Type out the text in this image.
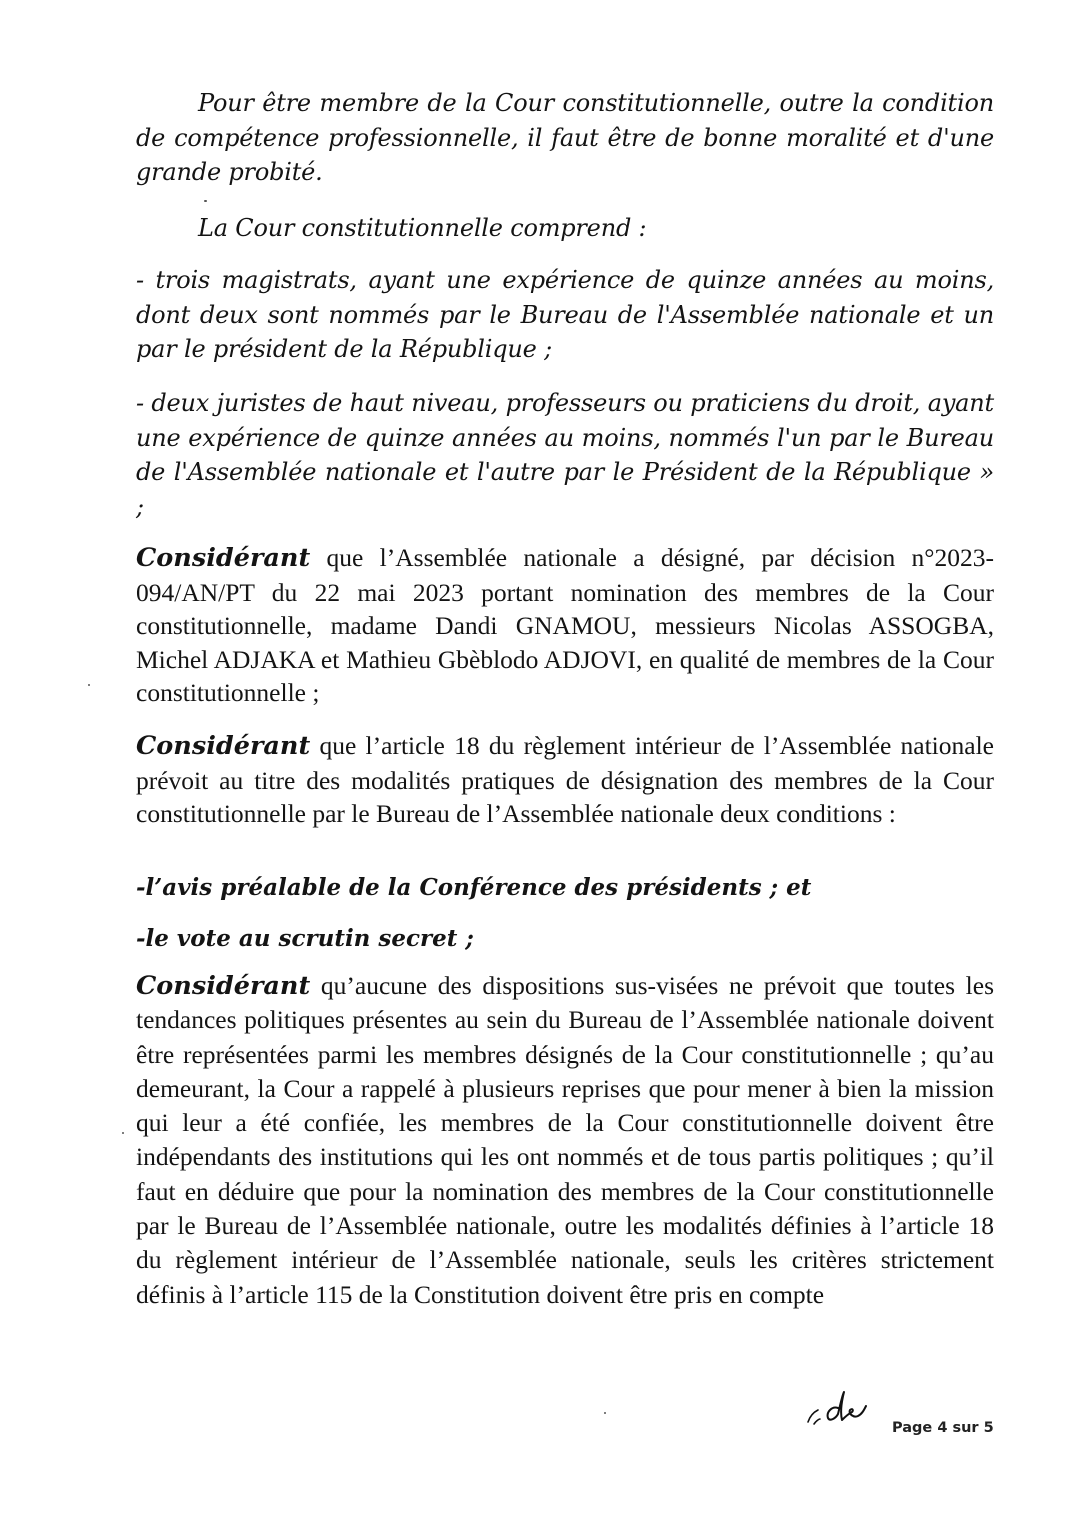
Pour être membre de la Cour constitutionnelle, outre la condition de compétence professionnelle, il faut être de bonne moralité et d'une grande probité.

La Cour constitutionnelle comprend :

- trois magistrats, ayant une expérience de quinze années au moins, dont deux sont nommés par le Bureau de l'Assemblée nationale et un par le président de la République ;

- deux juristes de haut niveau, professeurs ou praticiens du droit, ayant une expérience de quinze années au moins, nommés l'un par le Bureau de l'Assemblée nationale et l'autre par le Président de la République » ;

Considérant que l’Assemblée nationale a désigné, par décision n°2023-094/AN/PT du 22 mai 2023 portant nomination des membres de la Cour constitutionnelle, madame Dandi GNAMOU, messieurs Nicolas ASSOGBA, Michel ADJAKA et Mathieu Gbèblodo ADJOVI, en qualité de membres de la Cour constitutionnelle ;

Considérant que l’article 18 du règlement intérieur de l’Assemblée nationale prévoit au titre des modalités pratiques de désignation des membres de la Cour constitutionnelle par le Bureau de l’Assemblée nationale deux conditions :

-l’avis préalable de la Conférence des présidents ; et

-le vote au scrutin secret ;

Considérant qu’aucune des dispositions sus-visées ne prévoit que toutes les tendances politiques présentes au sein du Bureau de l’Assemblée nationale doivent être représentées parmi les membres désignés de la Cour constitutionnelle ; qu’au demeurant, la Cour a rappelé à plusieurs reprises que pour mener à bien la mission qui leur a été confiée, les membres de la Cour constitutionnelle doivent être indépendants des institutions qui les ont nommés et de tous partis politiques ; qu’il faut en déduire que pour la nomination des membres de la Cour constitutionnelle par le Bureau de l’Assemblée nationale, outre les modalités définies à l’article 18 du règlement intérieur de l’Assemblée nationale, seuls les critères strictement définis à l’article 115 de la Constitution doivent être pris en compte

Page 4 sur 5
